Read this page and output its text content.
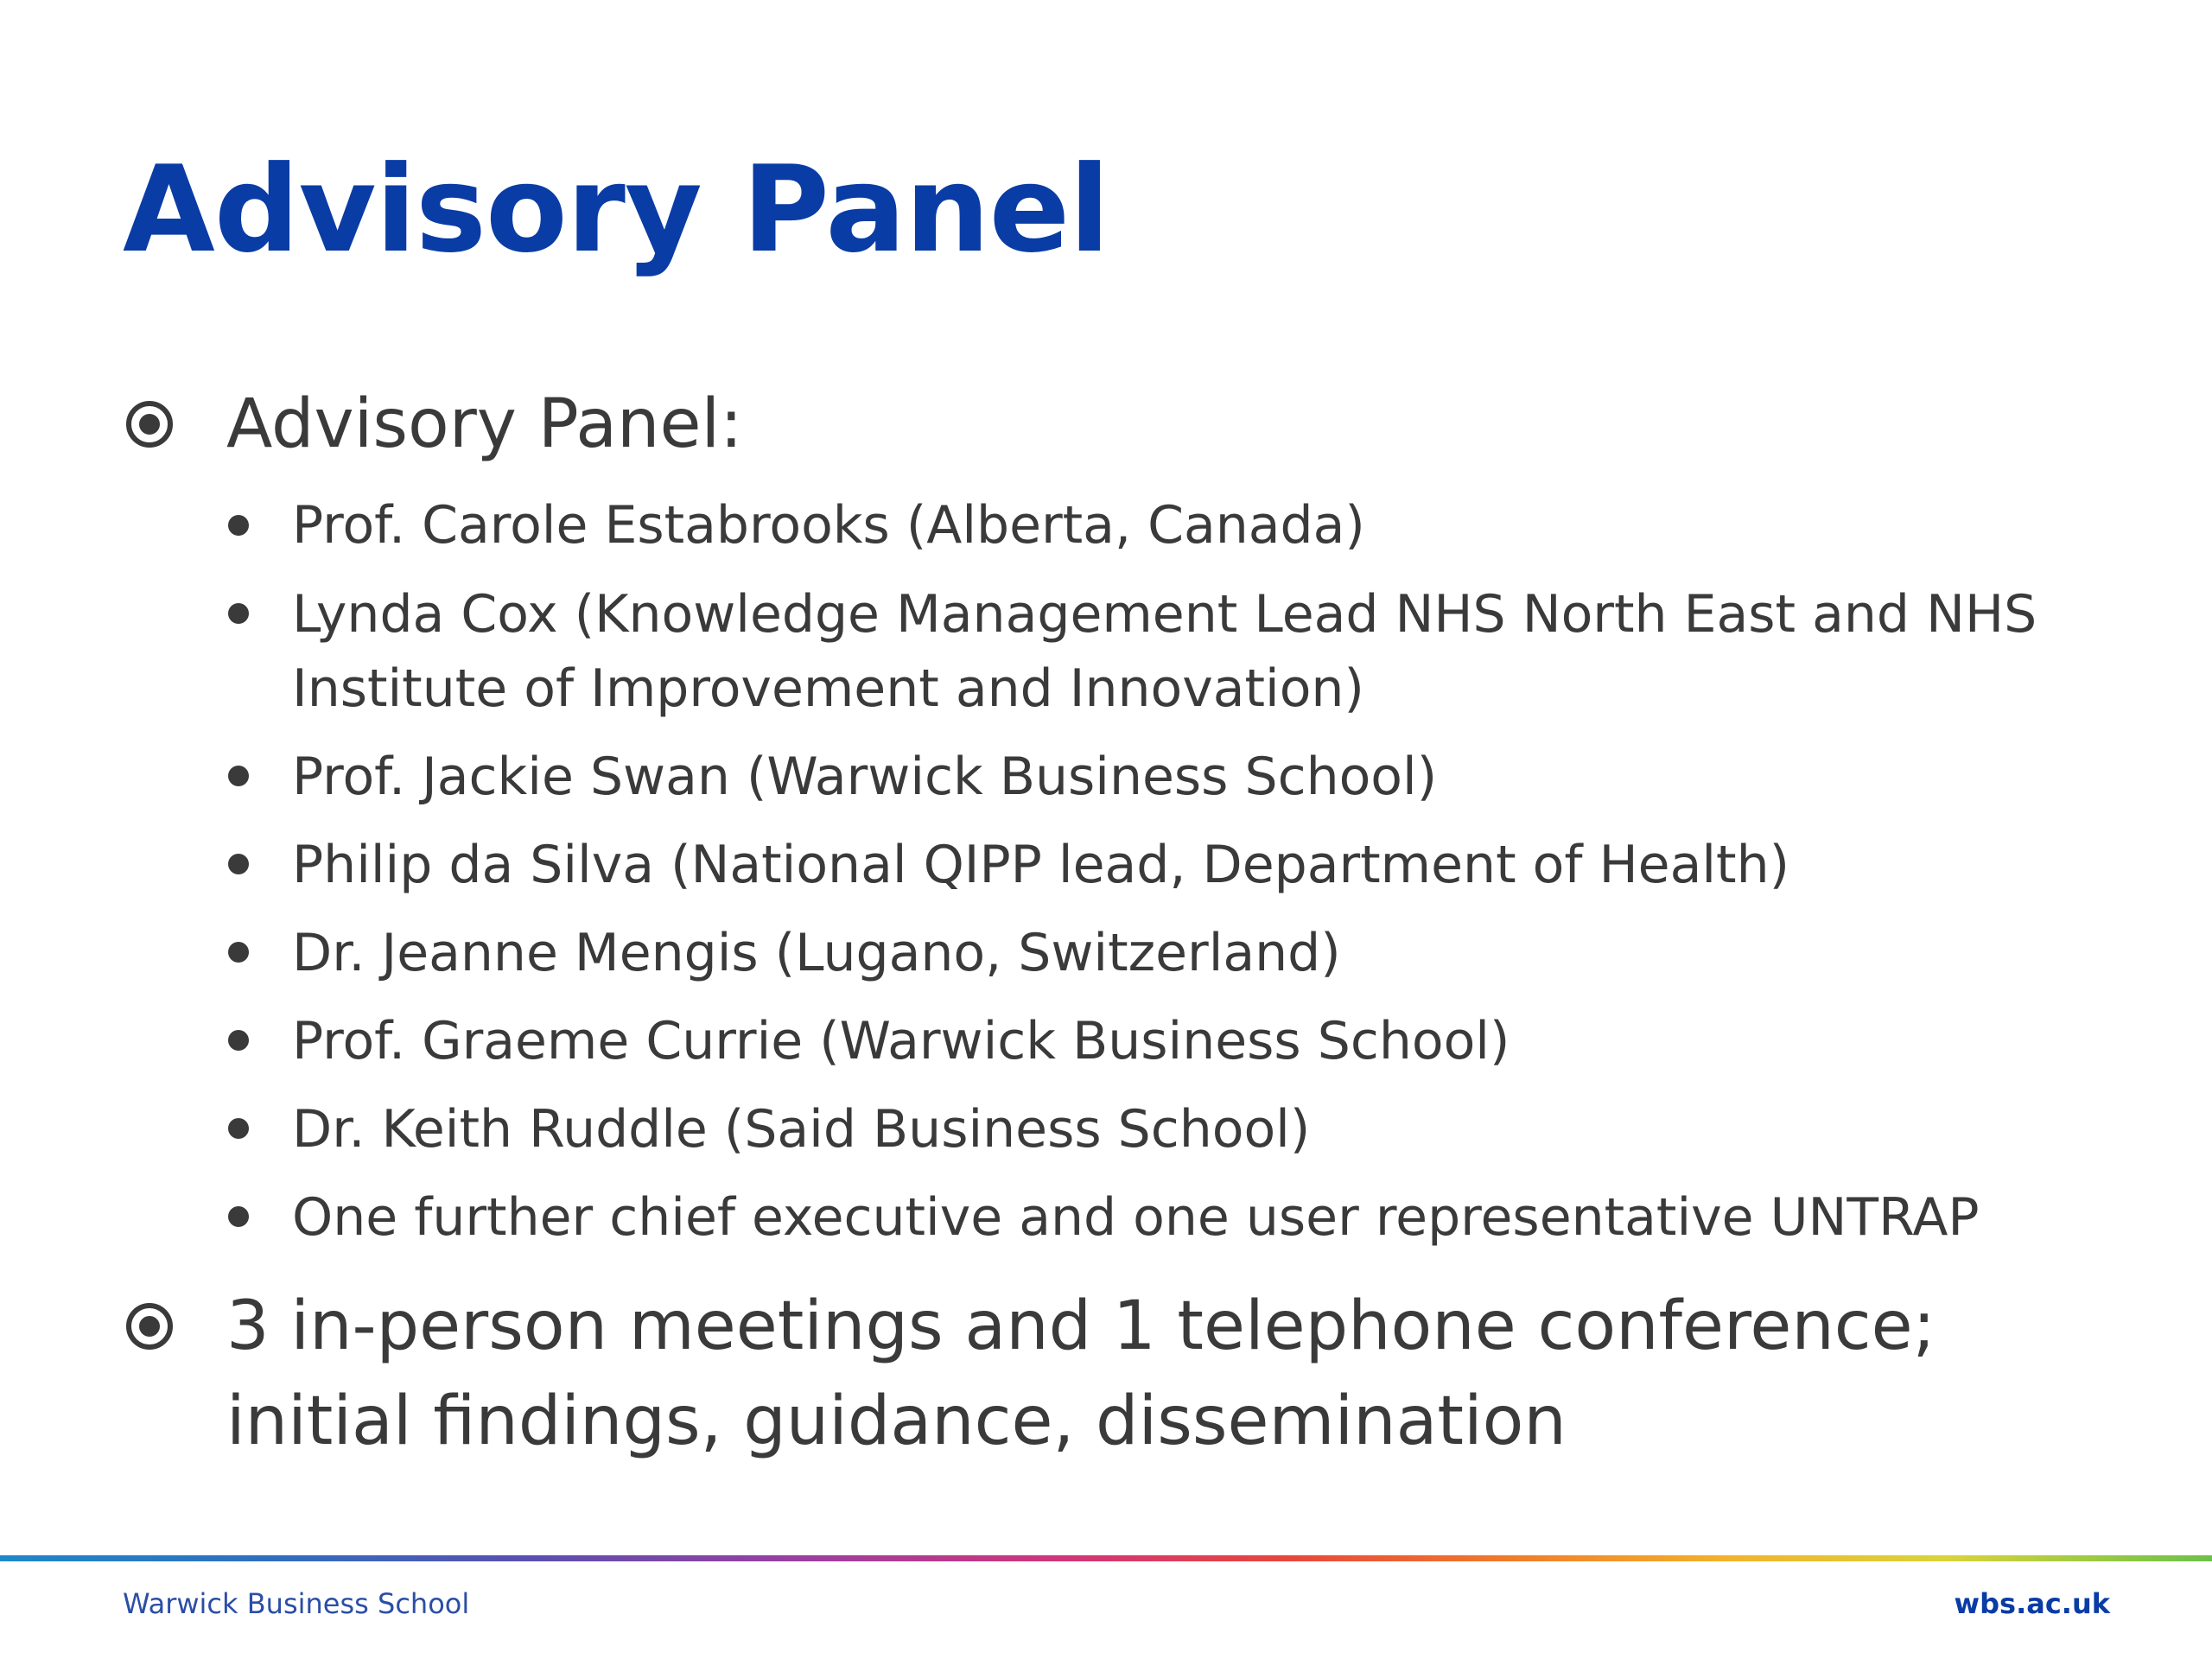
Advisory Panel
Advisory Panel:
Prof. Carole Estabrooks (Alberta, Canada)
Lynda Cox (Knowledge Management Lead NHS North East and NHS Institute of Improvement and Innovation)
Prof. Jackie Swan (Warwick Business School)
Philip da Silva (National QIPP lead, Department of Health)
Dr. Jeanne Mengis (Lugano, Switzerland)
Prof. Graeme Currie (Warwick Business School)
Dr. Keith Ruddle (Said Business School)
One further chief executive and one user representative UNTRAP
3 in-person meetings and 1 telephone conference; initial findings, guidance, dissemination
Warwick Business School	wbs.ac.uk
